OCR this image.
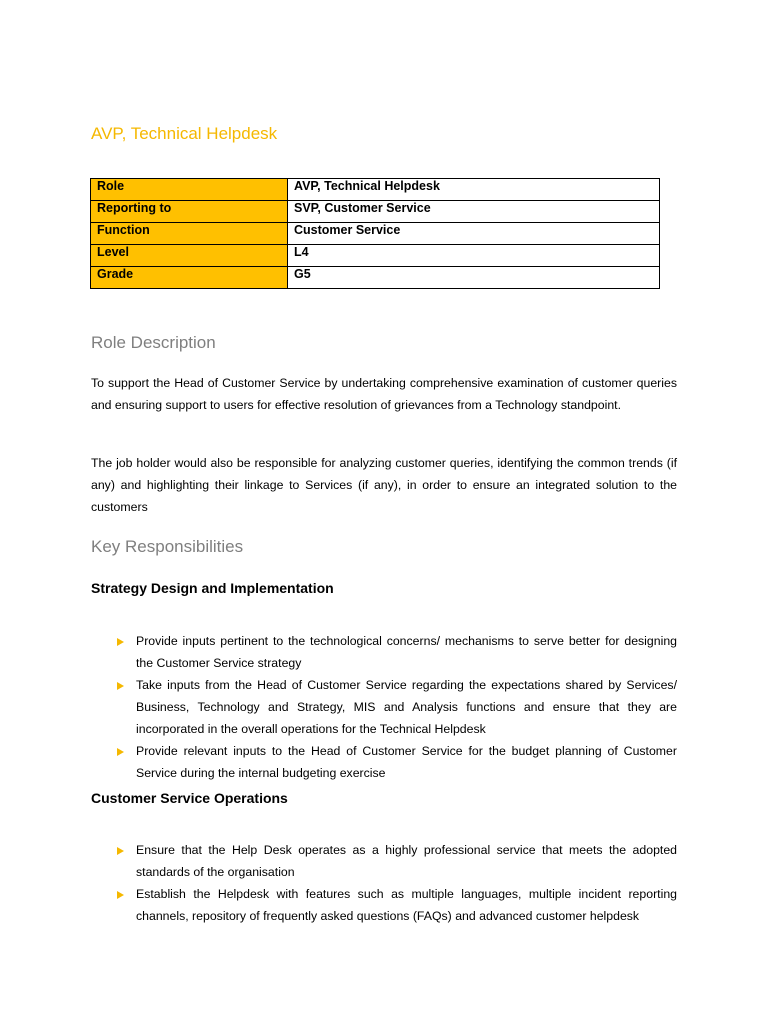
AVP, Technical Helpdesk
Role	AVP, Technical Helpdesk
Reporting to	SVP, Customer Service
Function	Customer Service
Level	L4
Grade	G5
Role Description

To support the Head of Customer Service by undertaking comprehensive examination of customer queries and ensuring support to users for effective resolution of grievances from a Technology standpoint.

The job holder would also be responsible for analyzing customer queries, identifying the common trends (if any) and highlighting their linkage to Services (if any), in order to ensure an integrated solution to the customers

Key Responsibilities
Strategy Design and Implementation
Provide inputs pertinent to the technological concerns/ mechanisms to serve better for designing the Customer Service strategy
Take inputs from the Head of Customer Service regarding the expectations shared by Services/ Business, Technology and Strategy, MIS and Analysis functions and ensure that they are incorporated in the overall operations for the Technical Helpdesk
Provide relevant inputs to the Head of Customer Service for the budget planning of Customer Service during the internal budgeting exercise
Customer Service Operations
Ensure that the Help Desk operates as a highly professional service that meets the adopted standards of the organisation
Establish the Helpdesk with features such as multiple languages, multiple incident reporting channels, repository of frequently asked questions (FAQs) and advanced customer helpdesk
